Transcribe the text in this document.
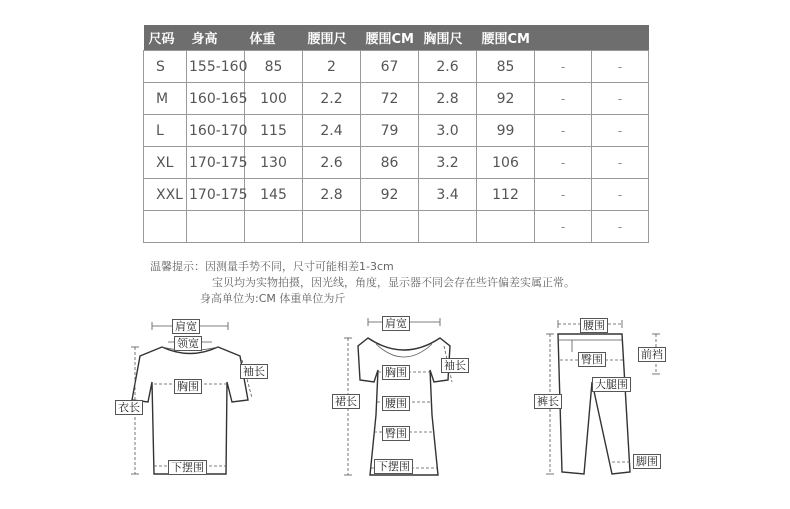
尺码	身高	体重	腰围尺	腰围CM	胸围尺	腰围CM		
S	155-160	85	2	67	2.6	85	-	-
M	160-165	100	2.2	72	2.8	92	-	-
L	160-170	115	2.4	79	3.0	99	-	-
XL	170-175	130	2.6	86	3.2	106	-	-
XXL	170-175	145	2.8	92	3.4	112	-	-
							-	-
温馨提示：因测量手势不同，尺寸可能相差1-3cm
宝贝均为实物拍摄，因光线，角度，显示器不同会存在些许偏差实属正常。
身高单位为:CM 体重单位为斤
肩宽
领宽
袖长
胸围
衣长
下摆围
肩宽
袖长
胸围
裙长	腰围
臀围
下摆围
腰围
臀围	前裆
大腿围
裤长
脚围
